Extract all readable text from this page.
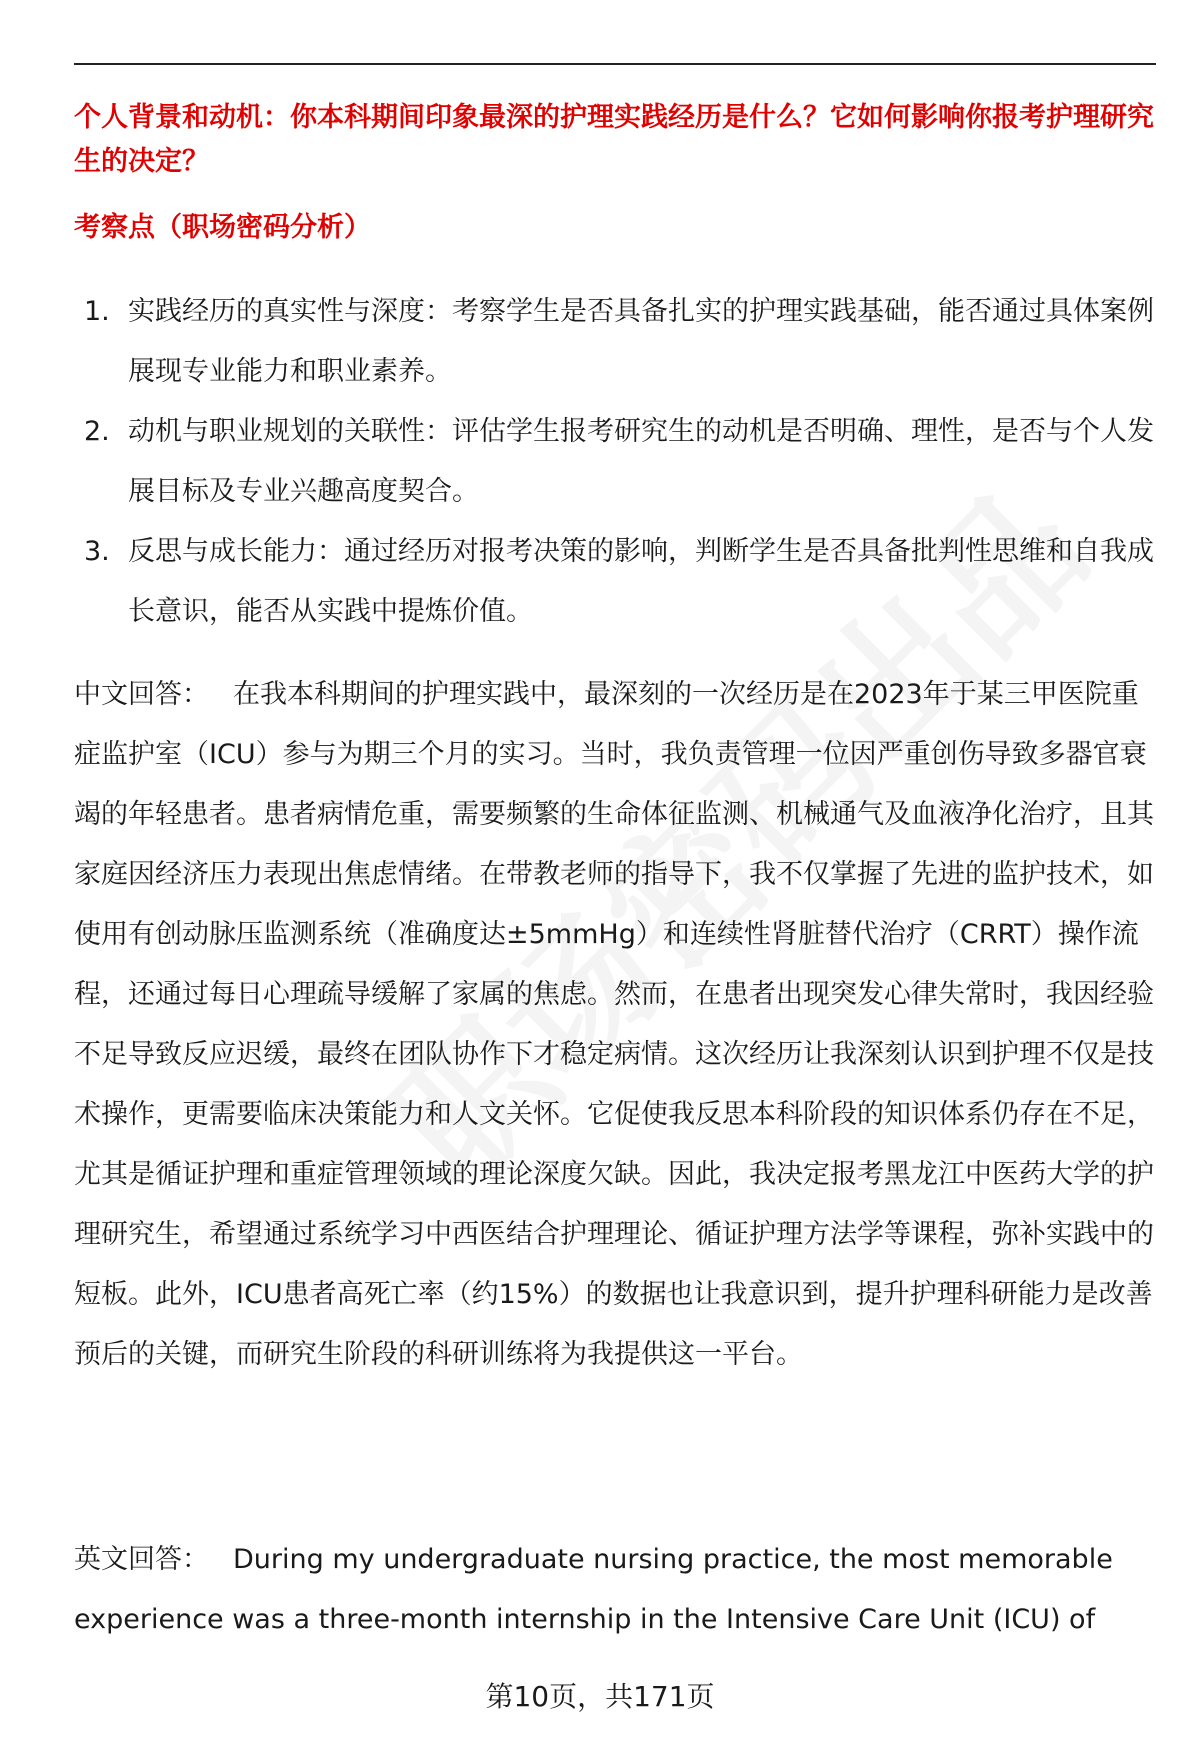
个人背景和动机：你本科期间印象最深的护理实践经历是什么？它如何影响你报考护理研究生的决定？
考察点（职场密码分析）
1. 实践经历的真实性与深度：考察学生是否具备扎实的护理实践基础，能否通过具体案例展现专业能力和职业素养。
2. 动机与职业规划的关联性：评估学生报考研究生的动机是否明确、理性，是否与个人发展目标及专业兴趣高度契合。
3. 反思与成长能力：通过经历对报考决策的影响，判断学生是否具备批判性思维和自我成长意识，能否从实践中提炼价值。

中文回答： 在我本科期间的护理实践中，最深刻的一次经历是在2023年于某三甲医院重症监护室（ICU）参与为期三个月的实习。当时，我负责管理一位因严重创伤导致多器官衰竭的年轻患者。患者病情危重，需要频繁的生命体征监测、机械通气及血液净化治疗，且其家庭因经济压力表现出焦虑情绪。在带教老师的指导下，我不仅掌握了先进的监护技术，如使用有创动脉压监测系统（准确度达±5mmHg）和连续性肾脏替代治疗（CRRT）操作流程，还通过每日心理疏导缓解了家属的焦虑。然而，在患者出现突发心律失常时，我因经验不足导致反应迟缓，最终在团队协作下才稳定病情。这次经历让我深刻认识到护理不仅是技术操作，更需要临床决策能力和人文关怀。它促使我反思本科阶段的知识体系仍存在不足，尤其是循证护理和重症管理领域的理论深度欠缺。因此，我决定报考黑龙江中医药大学的护理研究生，希望通过系统学习中西医结合护理理论、循证护理方法学等课程，弥补实践中的短板。此外，ICU患者高死亡率（约15%）的数据也让我意识到，提升护理科研能力是改善预后的关键，而研究生阶段的科研训练将为我提供这一平台。

英文回答： During my undergraduate nursing practice, the most memorable experience was a three-month internship in the Intensive Care Unit (ICU) of

第10页，共171页
